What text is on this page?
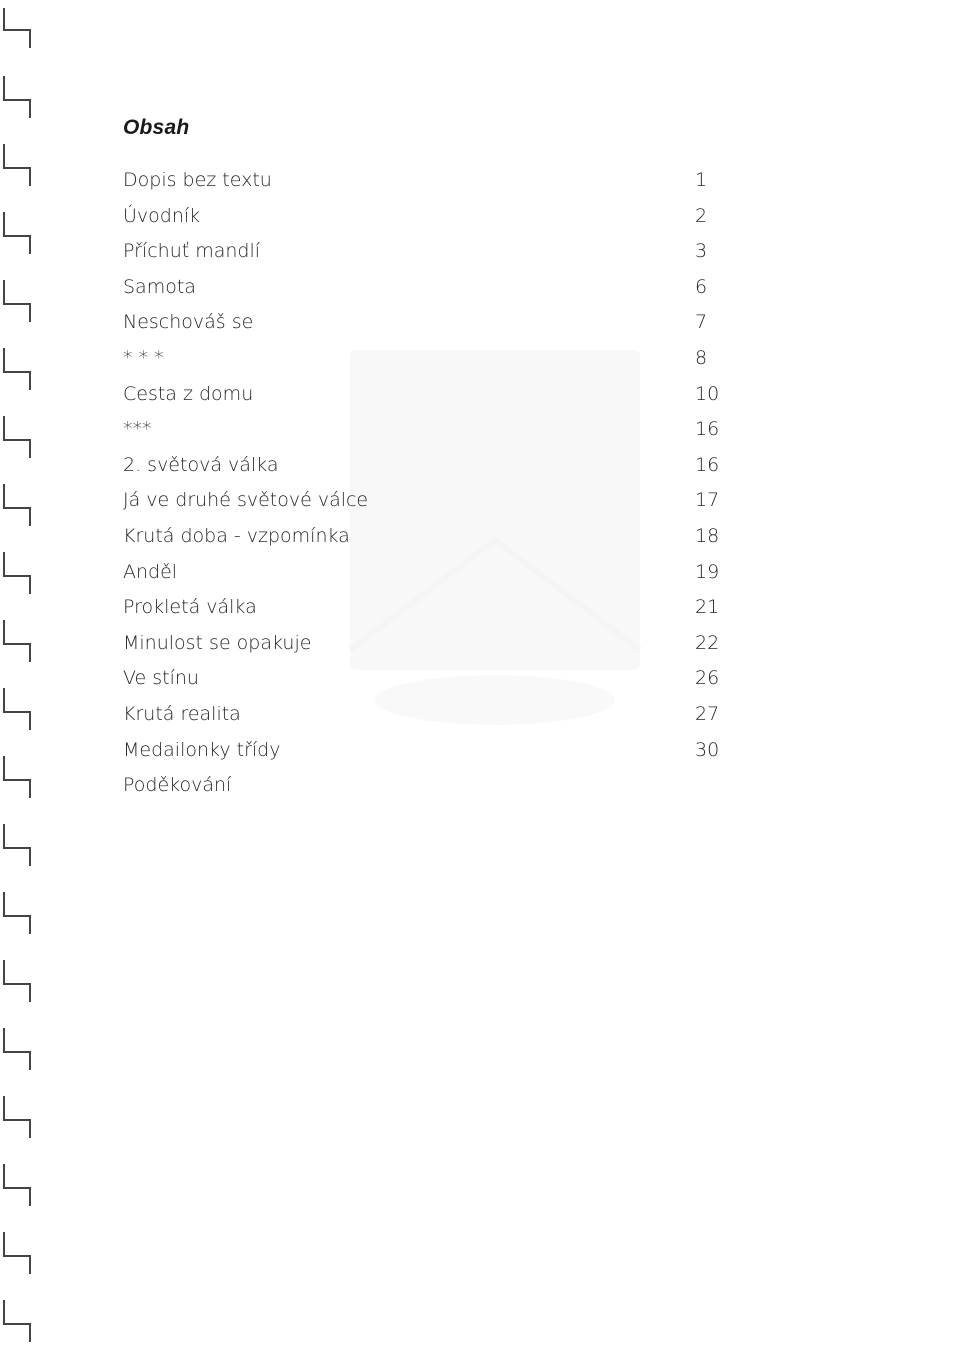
Obsah
Dopis bez textu	1
Úvodník	2
Příchuť mandlí	3
Samota	6
Neschováš se	7
* * *	8
Cesta z domu	10
***	16
2. světová válka	16
Já ve druhé světové válce	17
Krutá doba - vzpomínka	18
Anděl	19
Prokletá válka	21
Minulost se opakuje	22
Ve stínu	26
Krutá realita	27
Medailonky třídy	30
Poděkování
